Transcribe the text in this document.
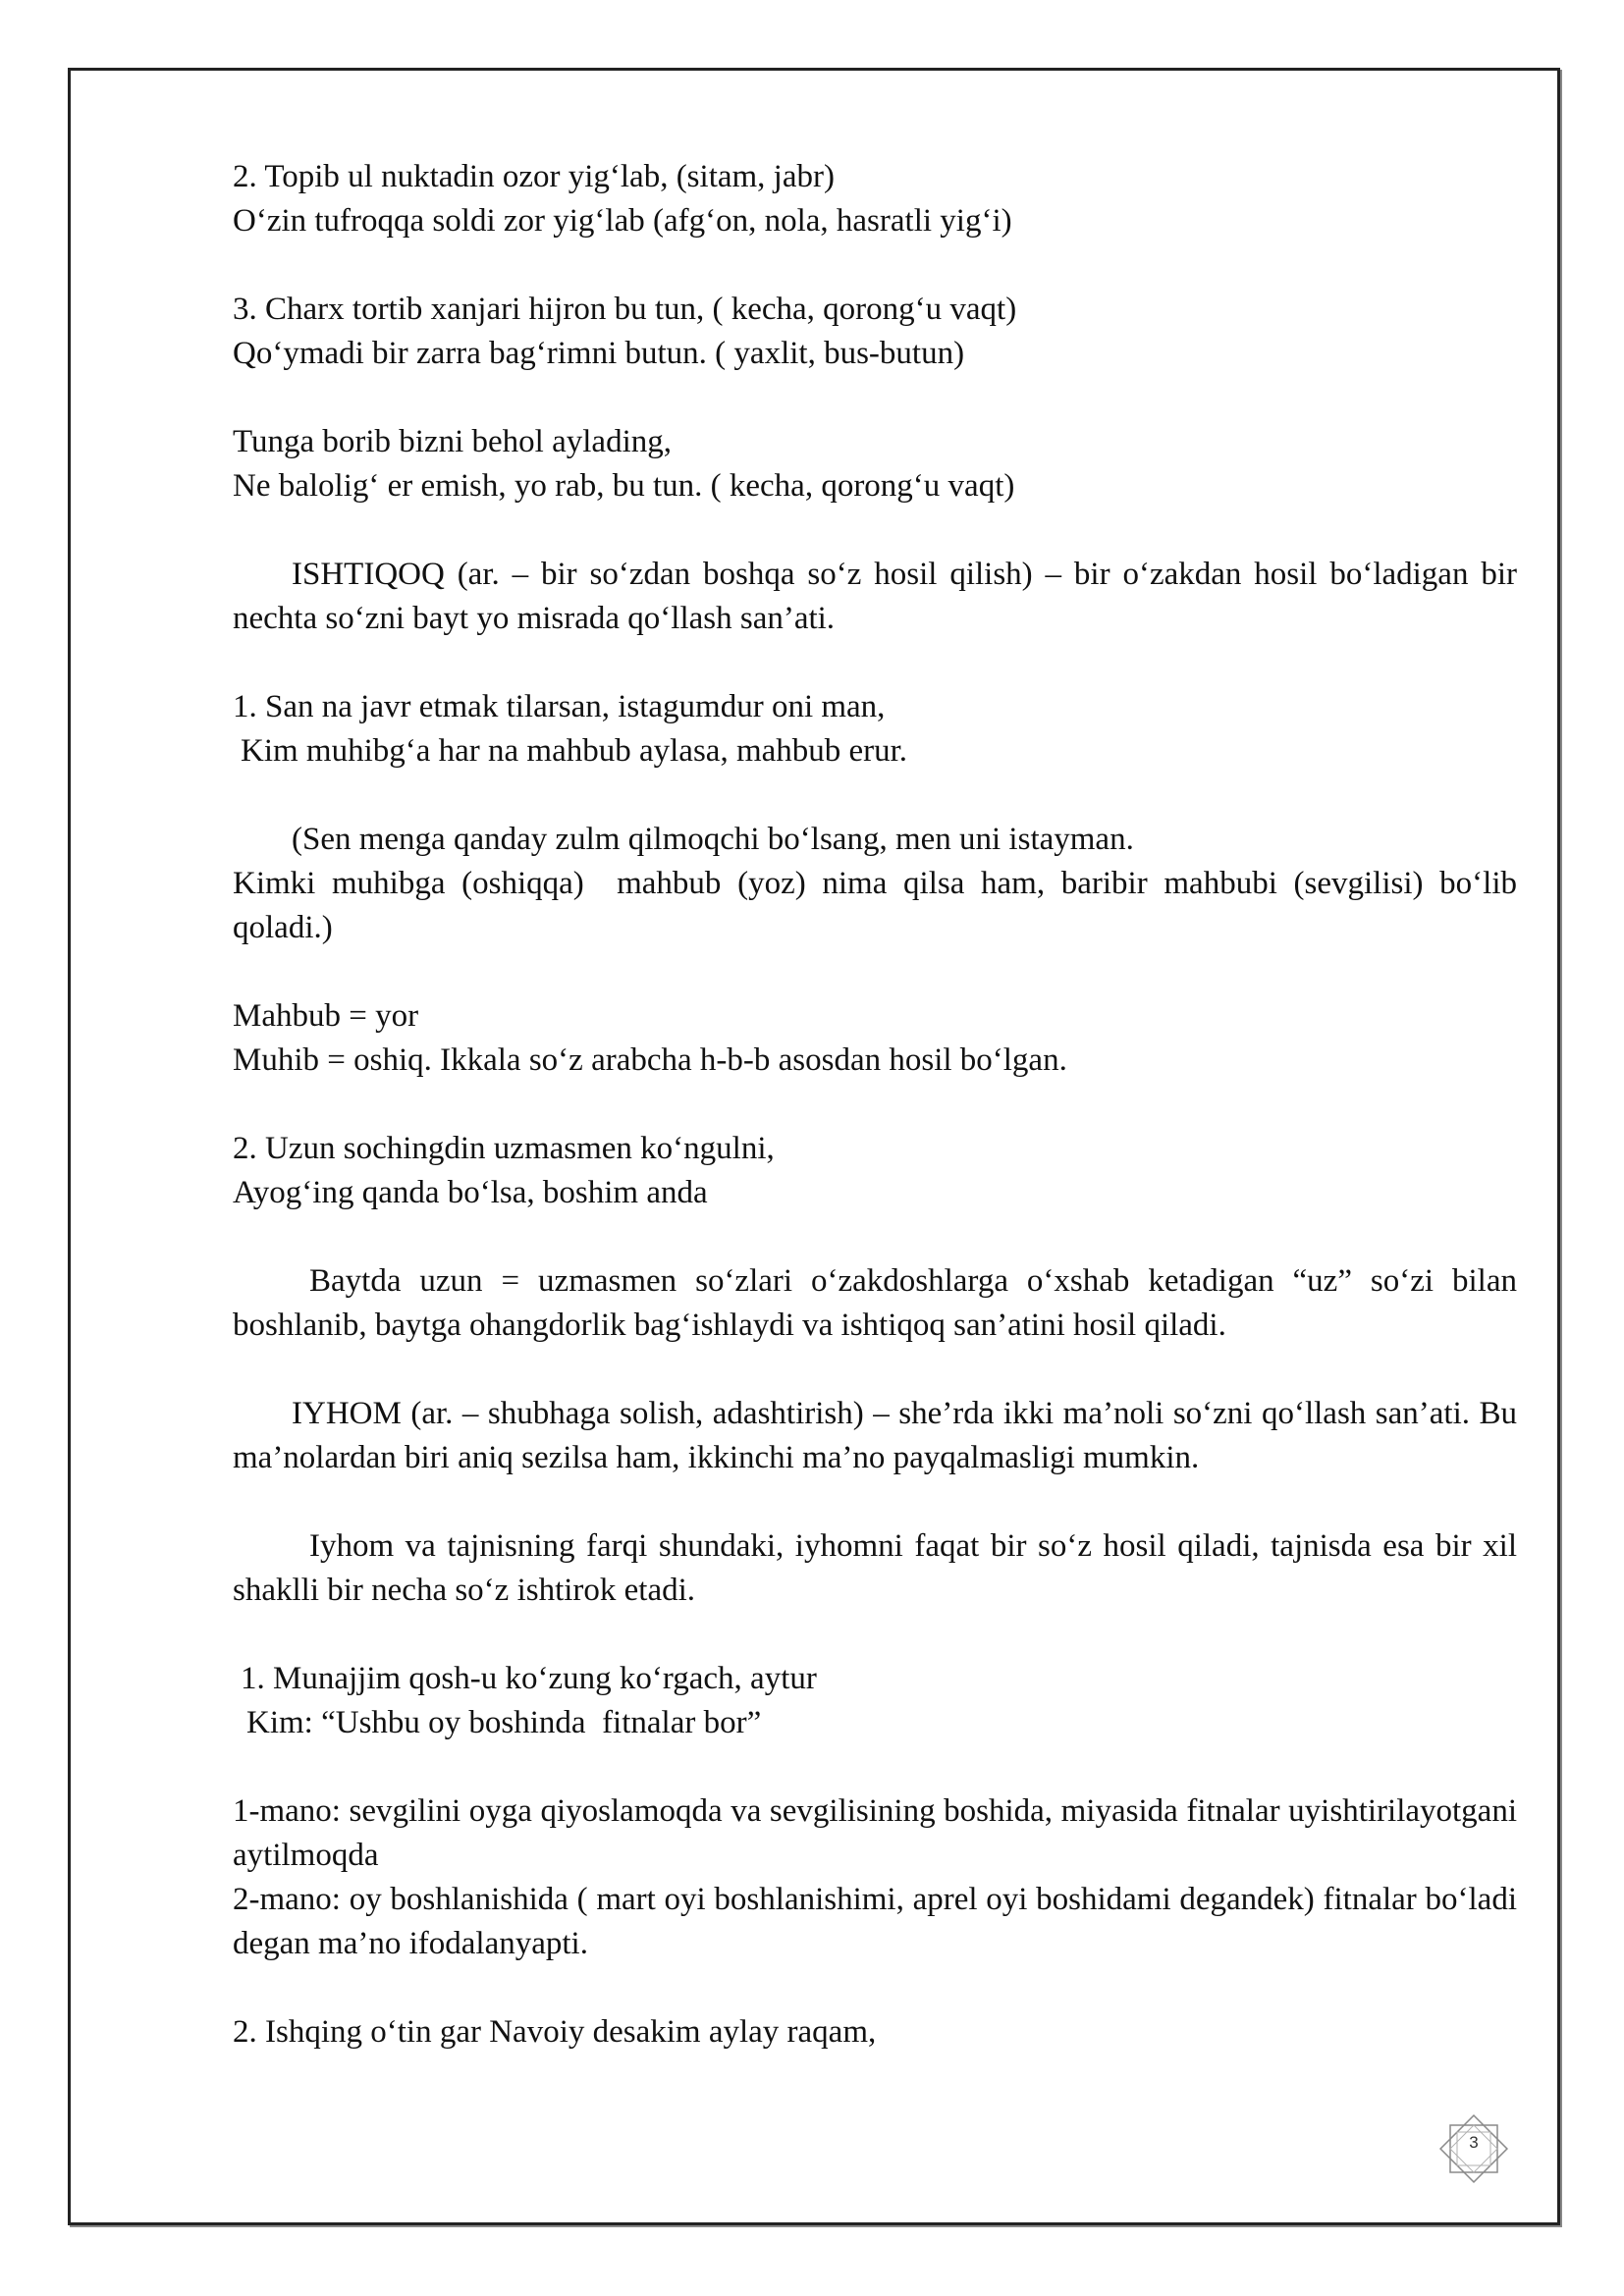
2. Topib ul nuktadin ozor yig‘lab, (sitam, jabr)
O‘zin tufroqqa soldi zor yig‘lab (afg‘on, nola, hasratli yig‘i)
3. Charx tortib xanjari hijron bu tun, ( kecha, qorong‘u vaqt)
Qo‘ymadi bir zarra bag‘rimni butun. ( yaxlit, bus-butun)
Tunga borib bizni behol aylading,
Ne balolig‘ er emish, yo rab, bu tun. ( kecha, qorong‘u vaqt)

ISHTIQOQ (ar. – bir so‘zdan boshqa so‘z hosil qilish) – bir o‘zakdan hosil bo‘ladigan bir nechta so‘zni bayt yo misrada qo‘llash san’ati.

1. San na javr etmak tilarsan, istagumdur oni man,
Kim muhibg‘a har na mahbub aylasa, mahbub erur.
(Sen menga qanday zulm qilmoqchi bo‘lsang, men uni istayman.
Kimki muhibga (oshiqqa)  mahbub (yoz) nima qilsa ham, baribir mahbubi (sevgilisi) bo‘lib qoladi.)
Mahbub = yor
Muhib = oshiq. Ikkala so‘z arabcha h-b-b asosdan hosil bo‘lgan.
2. Uzun sochingdin uzmasmen ko‘ngulni,
Ayog‘ing qanda bo‘lsa, boshim anda

Baytda uzun = uzmasmen so‘zlari o‘zakdoshlarga o‘xshab ketadigan “uz” so‘zi bilan boshlanib, baytga ohangdorlik bag‘ishlaydi va ishtiqoq san’atini hosil qiladi.

IYHOM (ar. – shubhaga solish, adashtirish) – she’rda ikki ma’noli so‘zni qo‘llash san’ati. Bu ma’nolardan biri aniq sezilsa ham, ikkinchi ma’no payqalmasligi mumkin.

Iyhom va tajnisning farqi shundaki, iyhomni faqat bir so‘z hosil qiladi, tajnisda esa bir xil shaklli bir necha so‘z ishtirok etadi.

1. Munajjim qosh-u ko‘zung ko‘rgach, aytur
Kim: “Ushbu oy boshinda  fitnalar bor”
1-mano: sevgilini oyga qiyoslamoqda va sevgilisining boshida, miyasida fitnalar uyishtirilayotgani aytilmoqda
2-mano: oy boshlanishida ( mart oyi boshlanishimi, aprel oyi boshidami degandek) fitnalar bo‘ladi degan ma’no ifodalanyapti.
2. Ishqing o‘tin gar Navoiy desakim aylay raqam,
3
